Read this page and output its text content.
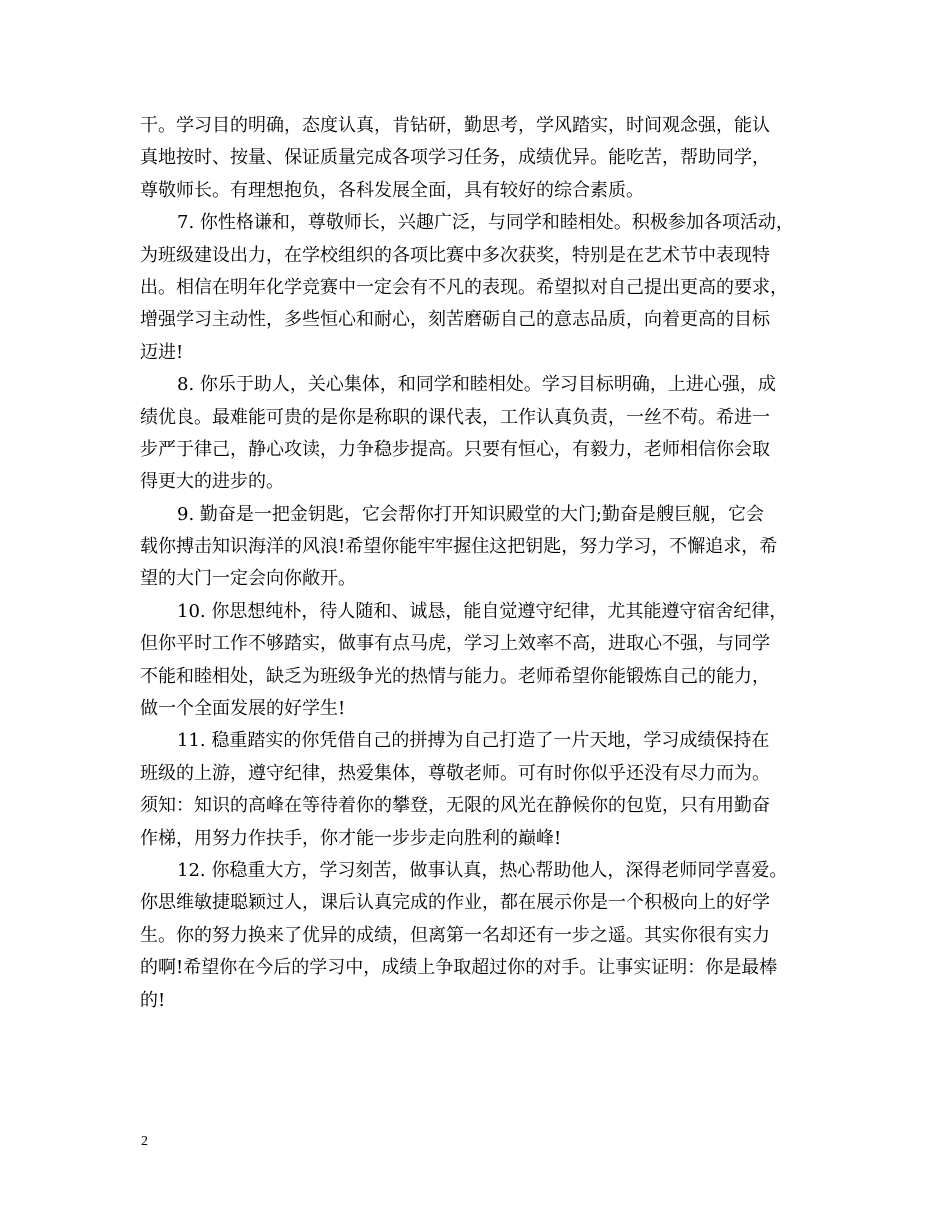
干。学习目的明确，态度认真，肯钻研，勤思考，学风踏实，时间观念强，能认
真地按时、按量、保证质量完成各项学习任务，成绩优异。能吃苦，帮助同学，
尊敬师长。有理想抱负，各科发展全面，具有较好的综合素质。
7. 你性格谦和，尊敬师长，兴趣广泛，与同学和睦相处。积极参加各项活动，
为班级建设出力，在学校组织的各项比赛中多次获奖，特别是在艺术节中表现特
出。相信在明年化学竞赛中一定会有不凡的表现。希望拟对自己提出更高的要求，
增强学习主动性，多些恒心和耐心，刻苦磨砺自己的意志品质，向着更高的目标
迈进!
8. 你乐于助人，关心集体，和同学和睦相处。学习目标明确，上进心强，成
绩优良。最难能可贵的是你是称职的课代表，工作认真负责，一丝不苟。希进一
步严于律己，静心攻读，力争稳步提高。只要有恒心，有毅力，老师相信你会取
得更大的进步的。
9. 勤奋是一把金钥匙，它会帮你打开知识殿堂的大门;勤奋是艘巨舰，它会
载你搏击知识海洋的风浪!希望你能牢牢握住这把钥匙，努力学习，不懈追求，希
望的大门一定会向你敞开。
10. 你思想纯朴，待人随和、诚恳，能自觉遵守纪律，尤其能遵守宿舍纪律，
但你平时工作不够踏实，做事有点马虎，学习上效率不高，进取心不强，与同学
不能和睦相处，缺乏为班级争光的热情与能力。老师希望你能锻炼自己的能力，
做一个全面发展的好学生!
11. 稳重踏实的你凭借自己的拼搏为自己打造了一片天地，学习成绩保持在
班级的上游，遵守纪律，热爱集体，尊敬老师。可有时你似乎还没有尽力而为。
须知：知识的高峰在等待着你的攀登，无限的风光在静候你的包览，只有用勤奋
作梯，用努力作扶手，你才能一步步走向胜利的巅峰!
12. 你稳重大方，学习刻苦，做事认真，热心帮助他人，深得老师同学喜爱。
你思维敏捷聪颖过人，课后认真完成的作业，都在展示你是一个积极向上的好学
生。你的努力换来了优异的成绩，但离第一名却还有一步之遥。其实你很有实力
的啊!希望你在今后的学习中，成绩上争取超过你的对手。让事实证明：你是最棒
的!
2
